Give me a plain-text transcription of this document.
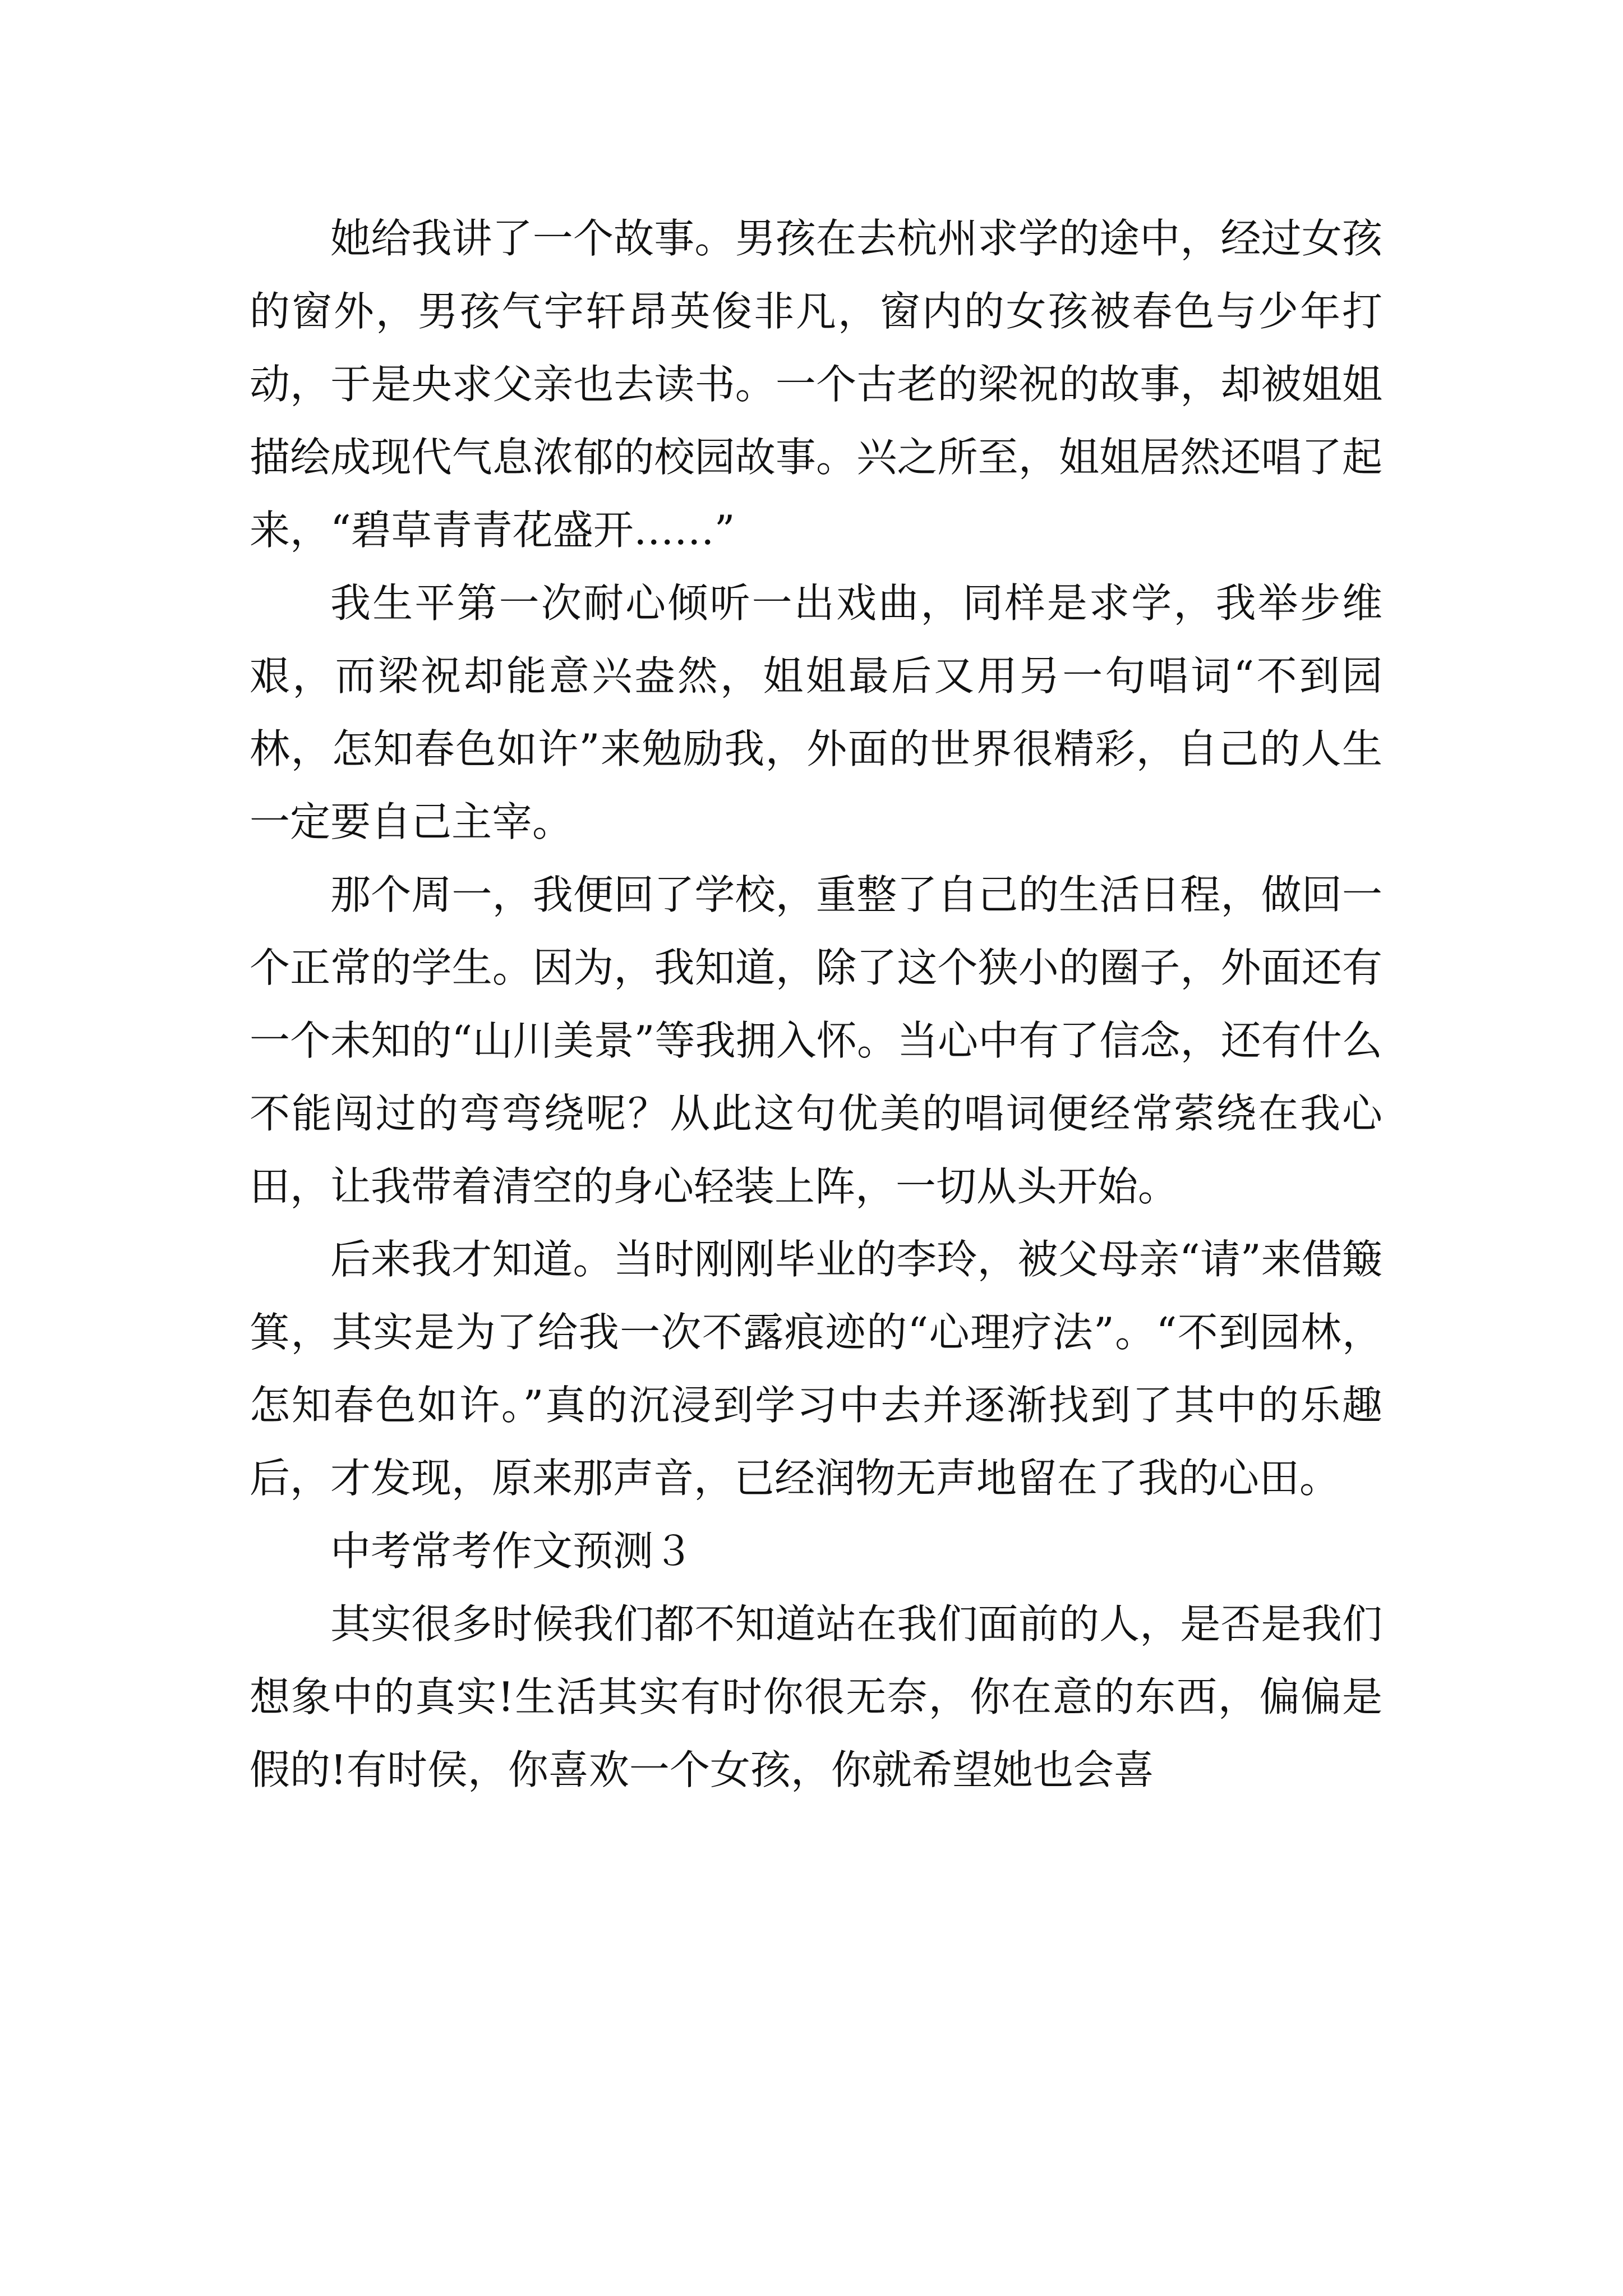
她给我讲了一个故事。男孩在去杭州求学的途中，经过女孩的窗外，男孩气宇轩昂英俊非凡，窗内的女孩被春色与少年打动，于是央求父亲也去读书。一个古老的梁祝的故事，却被姐姐描绘成现代气息浓郁的校园故事。兴之所至，姐姐居然还唱了起来，“碧草青青花盛开……”

我生平第一次耐心倾听一出戏曲，同样是求学，我举步维艰，而梁祝却能意兴盎然，姐姐最后又用另一句唱词“不到园林，怎知春色如许”来勉励我，外面的世界很精彩，自己的人生一定要自己主宰。

那个周一，我便回了学校，重整了自己的生活日程，做回一个正常的学生。因为，我知道，除了这个狭小的圈子，外面还有一个未知的“山川美景”等我拥入怀。当心中有了信念，还有什么不能闯过的弯弯绕呢？从此这句优美的唱词便经常萦绕在我心田，让我带着清空的身心轻装上阵，一切从头开始。

后来我才知道。当时刚刚毕业的李玲，被父母亲“请”来借簸箕，其实是为了给我一次不露痕迹的“心理疗法”。“不到园林，怎知春色如许。”真的沉浸到学习中去并逐渐找到了其中的乐趣后，才发现，原来那声音，已经润物无声地留在了我的心田。

中考常考作文预测３

其实很多时候我们都不知道站在我们面前的人，是否是我们想象中的真实!生活其实有时你很无奈，你在意的东西，偏偏是假的!有时侯，你喜欢一个女孩，你就希望她也会喜
